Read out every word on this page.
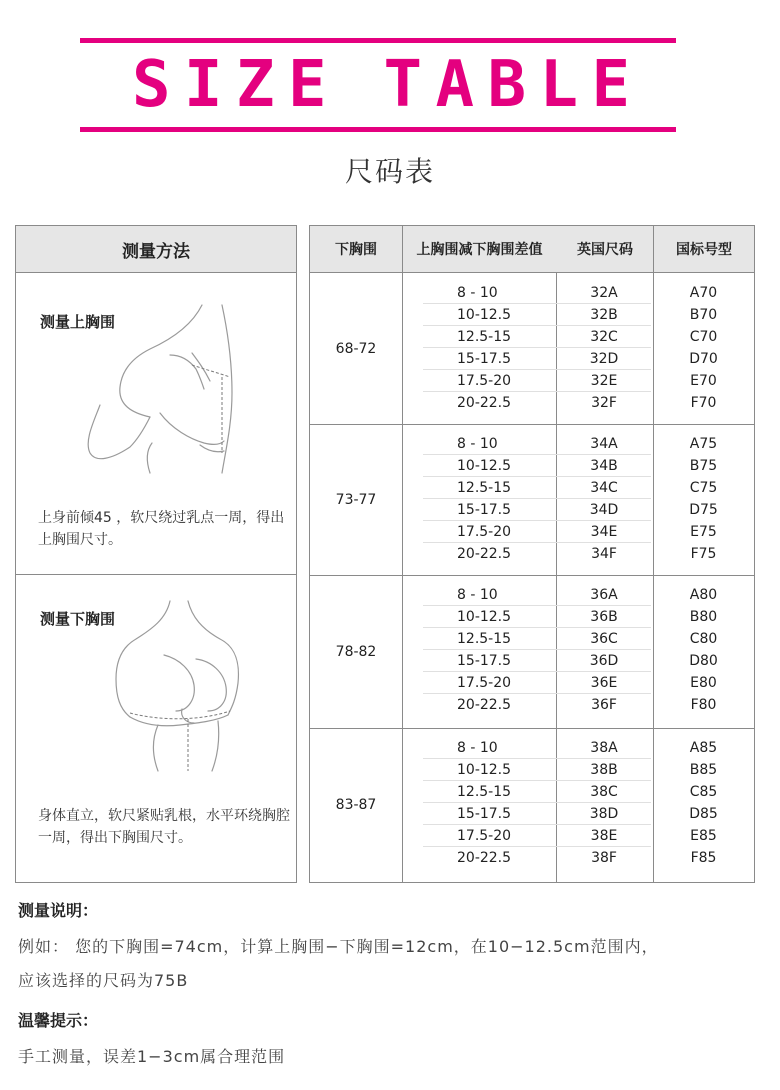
S I Z E T A B L E
尺码表
测量方法
测量上胸围
上身前倾45 ，软尺绕过乳点一周，得出上胸围尺寸。
测量下胸围
身体直立，软尺紧贴乳根，水平环绕胸腔一周，得出下胸围尺寸。
下胸围	上胸围减下胸围差值	英国尺码	国标号型
68-72
8 - 10	32A	A70
10-12.5	32B	B70
12.5-15	32C	C70
15-17.5	32D	D70
17.5-20	32E	E70
20-22.5	32F	F70
73-77
8 - 10	34A	A75
10-12.5	34B	B75
12.5-15	34C	C75
15-17.5	34D	D75
17.5-20	34E	E75
20-22.5	34F	F75
78-82
8 - 10	36A	A80
10-12.5	36B	B80
12.5-15	36C	C80
15-17.5	36D	D80
17.5-20	36E	E80
20-22.5	36F	F80
83-87
8 - 10	38A	A85
10-12.5	38B	B85
12.5-15	38C	C85
15-17.5	38D	D85
17.5-20	38E	E85
20-22.5	38F	F85
测量说明：
例如： 您的下胸围=74cm，计算上胸围−下胸围=12cm，在10−12.5cm范围内，
应该选择的尺码为75B
温馨提示：
手工测量，误差1−3cm属合理范围
